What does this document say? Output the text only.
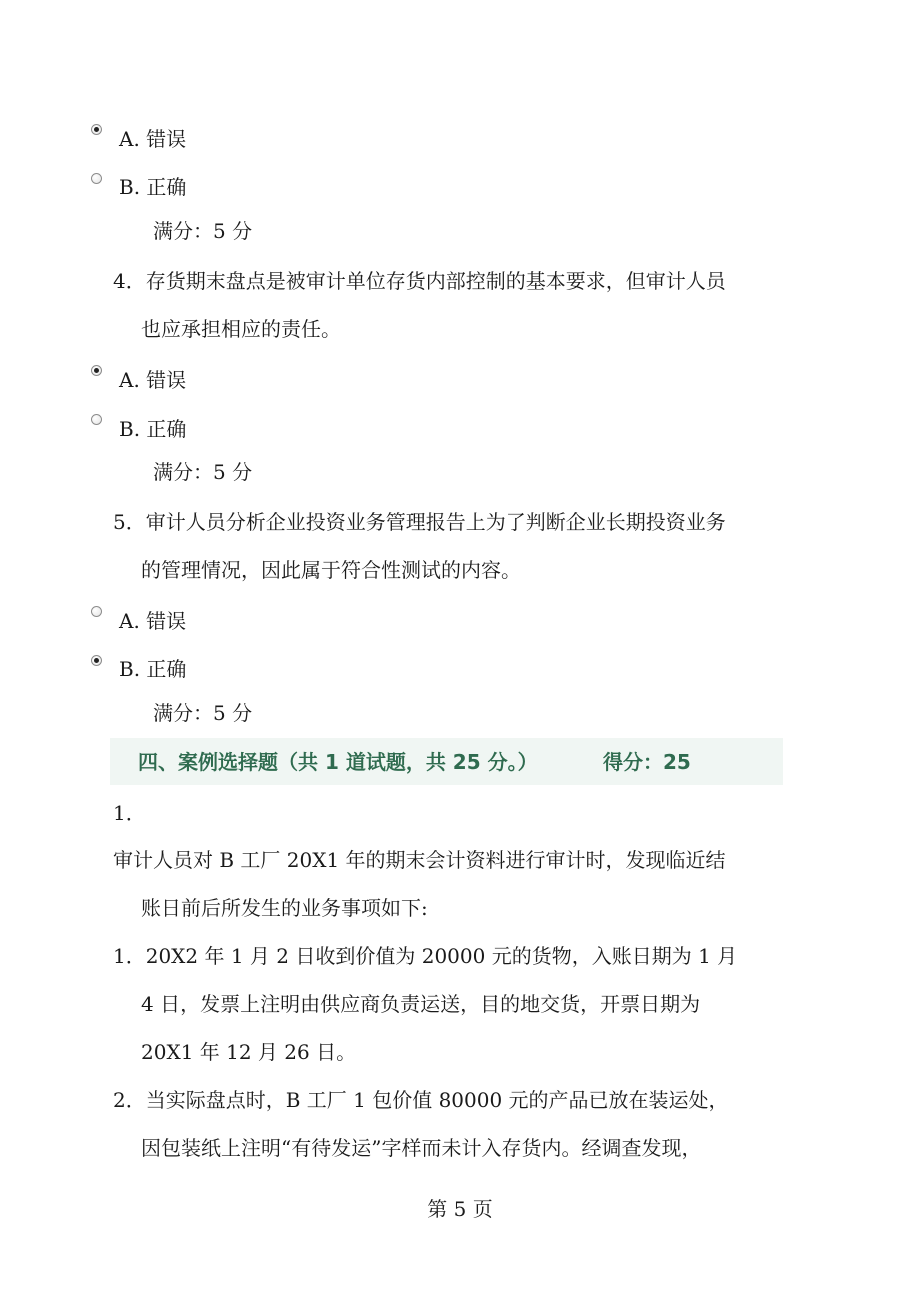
A. 错误
B. 正确
满分：5 分
4．存货期末盘点是被审计单位存货内部控制的基本要求，但审计人员
也应承担相应的责任。
A. 错误
B. 正确
满分：5 分
5．审计人员分析企业投资业务管理报告上为了判断企业长期投资业务
的管理情况，因此属于符合性测试的内容。
A. 错误
B. 正确
满分：5 分
四、案例选择题（共 1 道试题，共 25 分。）	得分：25
1．
审计人员对 B 工厂 20X1 年的期末会计资料进行审计时，发现临近结
账日前后所发生的业务事项如下:
1．20X2 年 1 月 2 日收到价值为 20000 元的货物，入账日期为 1 月
4 日，发票上注明由供应商负责运送，目的地交货，开票日期为
20X1 年 12 月 26 日。
2．当实际盘点时，B 工厂 1 包价值 80000 元的产品已放在装运处，
因包装纸上注明“有待发运”字样而未计入存货内。经调查发现，
第 5 页
